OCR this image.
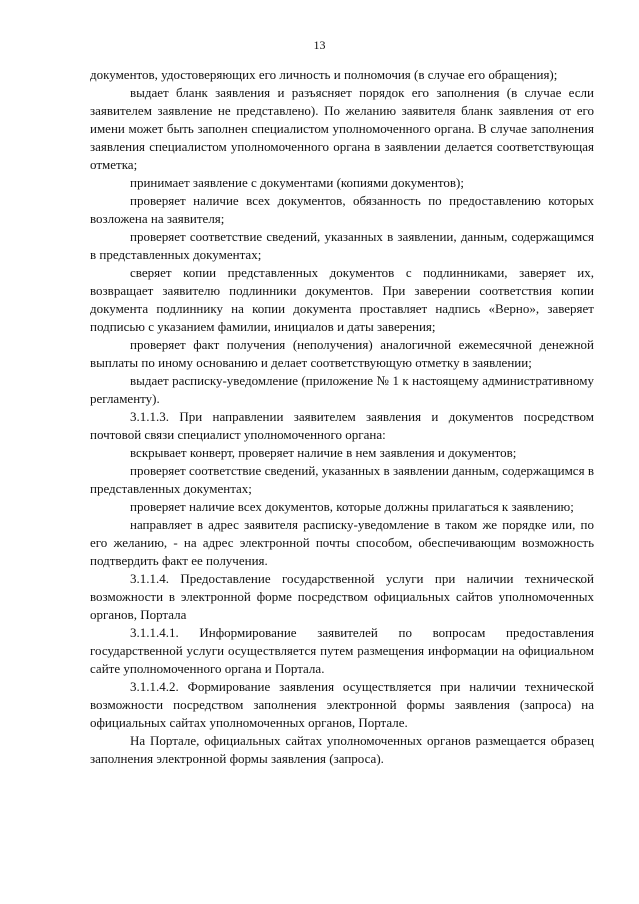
13

документов, удостоверяющих его личность и полномочия (в случае его обращения);

выдает бланк заявления и разъясняет порядок его заполнения (в случае если заявителем заявление не представлено). По желанию заявителя бланк заявления от его имени может быть заполнен специалистом уполномоченного органа. В случае заполнения заявления специалистом уполномоченного органа в заявлении делается соответствующая отметка;

принимает заявление с документами (копиями документов);

проверяет наличие всех документов, обязанность по предоставлению которых возложена на заявителя;

проверяет соответствие сведений, указанных в заявлении, данным, содержащимся в представленных документах;

сверяет копии представленных документов с подлинниками, заверяет их, возвращает заявителю подлинники документов. При заверении соответствия копии документа подлиннику на копии документа проставляет надпись «Верно», заверяет подписью с указанием фамилии, инициалов и даты заверения;

проверяет факт получения (неполучения) аналогичной ежемесячной денежной выплаты по иному основанию и делает соответствующую отметку в заявлении;

выдает расписку-уведомление (приложение № 1 к настоящему административному регламенту).

3.1.1.3. При направлении заявителем заявления и документов посредством почтовой связи специалист уполномоченного органа:

вскрывает конверт, проверяет наличие в нем заявления и документов;

проверяет соответствие сведений, указанных в заявлении данным, содержащимся в представленных документах;

проверяет наличие всех документов, которые должны прилагаться к заявлению;

направляет в адрес заявителя расписку-уведомление в таком же порядке или, по его желанию, - на адрес электронной почты способом, обеспечивающим возможность подтвердить факт ее получения.

3.1.1.4. Предоставление государственной услуги при наличии технической возможности в электронной форме посредством официальных сайтов уполномоченных органов, Портала

3.1.1.4.1. Информирование заявителей по вопросам предоставления государственной услуги осуществляется путем размещения информации на официальном сайте уполномоченного органа и Портала.

3.1.1.4.2. Формирование заявления осуществляется при наличии технической возможности посредством заполнения электронной формы заявления (запроса) на официальных сайтах уполномоченных органов, Портале.

На Портале, официальных сайтах уполномоченных органов размещается образец заполнения электронной формы заявления (запроса).
